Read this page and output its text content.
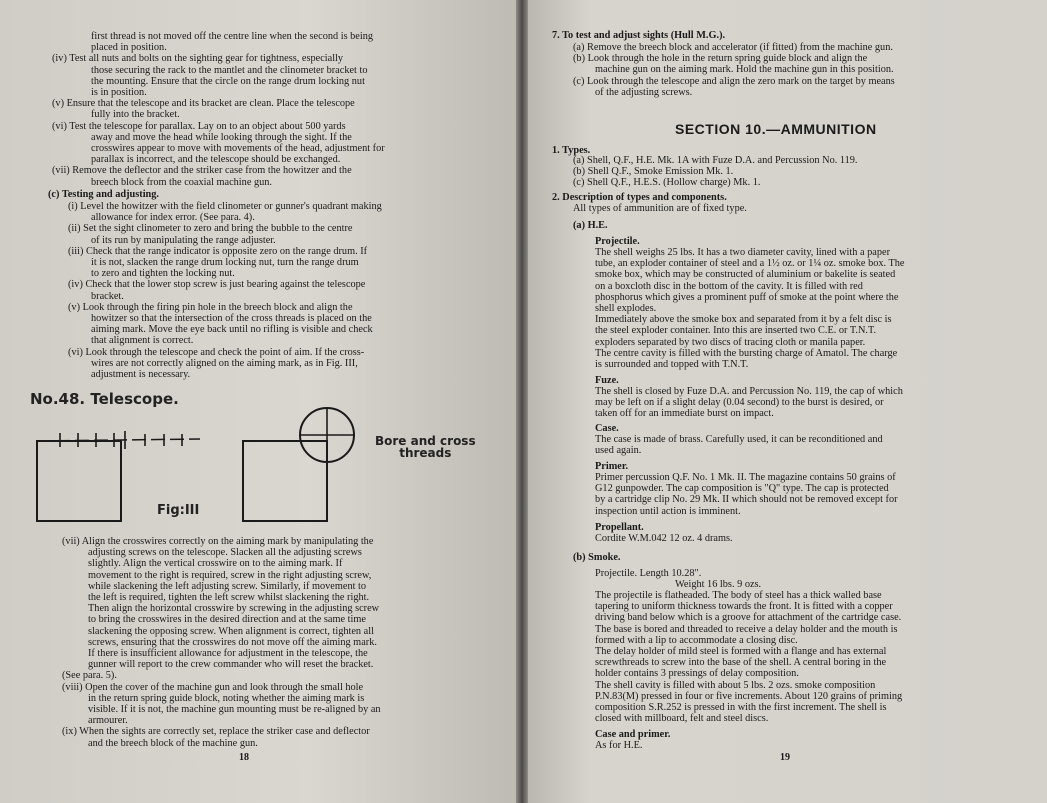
first thread is not moved off the centre line when the second is being
placed in position.
(iv) Test all nuts and bolts on the sighting gear for tightness, especially
those securing the rack to the mantlet and the clinometer bracket to
the mounting. Ensure that the circle on the range drum locking nut
is in position.
(v) Ensure that the telescope and its bracket are clean. Place the telescope
fully into the bracket.
(vi) Test the telescope for parallax. Lay on to an object about 500 yards
away and move the head while looking through the sight. If the
crosswires appear to move with movements of the head, adjustment for
parallax is incorrect, and the telescope should be exchanged.
(vii) Remove the deflector and the striker case from the howitzer and the
breech block from the coaxial machine gun.
(c) Testing and adjusting.
(i) Level the howitzer with the field clinometer or gunner's quadrant making
allowance for index error. (See para. 4).
(ii) Set the sight clinometer to zero and bring the bubble to the centre
of its run by manipulating the range adjuster.
(iii) Check that the range indicator is opposite zero on the range drum. If
it is not, slacken the range drum locking nut, turn the range drum
to zero and tighten the locking nut.
(iv) Check that the lower stop screw is just bearing against the telescope
bracket.
(v) Look through the firing pin hole in the breech block and align the
howitzer so that the intersection of the cross threads is placed on the
aiming mark. Move the eye back until no rifling is visible and check
that alignment is correct.
(vi) Look through the telescope and check the point of aim. If the cross-
wires are not correctly aligned on the aiming mark, as in Fig. III,
adjustment is necessary.
No.48. Telescope.
Bore and cross
threads
Fig:III
(vii) Align the crosswires correctly on the aiming mark by manipulating the
adjusting screws on the telescope. Slacken all the adjusting screws
slightly. Align the vertical crosswire on to the aiming mark. If
movement to the right is required, screw in the right adjusting screw,
while slackening the left adjusting screw. Similarly, if movement to
the left is required, tighten the left screw whilst slackening the right.
Then align the horizontal crosswire by screwing in the adjusting screw
to bring the crosswires in the desired direction and at the same time
slackening the opposing screw. When alignment is correct, tighten all
screws, ensuring that the crosswires do not move off the aiming mark.
If there is insufficient allowance for adjustment in the telescope, the
gunner will report to the crew commander who will reset the bracket.
(See para. 5).
(viii) Open the cover of the machine gun and look through the small hole
in the return spring guide block, noting whether the aiming mark is
visible. If it is not, the machine gun mounting must be re-aligned by an
armourer.
(ix) When the sights are correctly set, replace the striker case and deflector
and the breech block of the machine gun.
18
7. To test and adjust sights (Hull M.G.).
(a) Remove the breech block and accelerator (if fitted) from the machine gun.
(b) Look through the hole in the return spring guide block and align the
machine gun on the aiming mark. Hold the machine gun in this position.
(c) Look through the telescope and align the zero mark on the target by means
of the adjusting screws.
SECTION 10.—AMMUNITION
1. Types.
(a) Shell, Q.F., H.E. Mk. 1A with Fuze D.A. and Percussion No. 119.
(b) Shell Q.F., Smoke Emission Mk. 1.
(c) Shell Q.F., H.E.S. (Hollow charge) Mk. 1.
2. Description of types and components.
All types of ammunition are of fixed type.
(a) H.E.
Projectile.
The shell weighs 25 lbs. It has a two diameter cavity, lined with a paper
tube, an exploder container of steel and a 1½ oz. or 1¼ oz. smoke box. The
smoke box, which may be constructed of aluminium or bakelite is seated
on a boxcloth disc in the bottom of the cavity. It is filled with red
phosphorus which gives a prominent puff of smoke at the point where the
shell explodes.
Immediately above the smoke box and separated from it by a felt disc is
the steel exploder container. Into this are inserted two C.E. or T.N.T.
exploders separated by two discs of tracing cloth or manila paper.
The centre cavity is filled with the bursting charge of Amatol. The charge
is surrounded and topped with T.N.T.
Fuze.
The shell is closed by Fuze D.A. and Percussion No. 119, the cap of which
may be left on if a slight delay (0.04 second) to the burst is desired, or
taken off for an immediate burst on impact.
Case.
The case is made of brass. Carefully used, it can be reconditioned and
used again.
Primer.
Primer percussion Q.F. No. 1 Mk. II. The magazine contains 50 grains of
G12 gunpowder. The cap composition is "Q" type. The cap is protected
by a cartridge clip No. 29 Mk. II which should not be removed except for
inspection until action is imminent.
Propellant.
Cordite W.M.042 12 oz. 4 drams.
(b) Smoke.
Projectile. Length 10.28".
Weight 16 lbs. 9 ozs.
The projectile is flatheaded. The body of steel has a thick walled base
tapering to uniform thickness towards the front. It is fitted with a copper
driving band below which is a groove for attachment of the cartridge case.
The base is bored and threaded to receive a delay holder and the mouth is
formed with a lip to accommodate a closing disc.
The delay holder of mild steel is formed with a flange and has external
screwthreads to screw into the base of the shell. A central boring in the
holder contains 3 pressings of delay composition.
The shell cavity is filled with about 5 lbs. 2 ozs. smoke composition
P.N.83(M) pressed in four or five increments. About 120 grains of priming
composition S.R.252 is pressed in with the first increment. The shell is
closed with millboard, felt and steel discs.
Case and primer.
As for H.E.
19
